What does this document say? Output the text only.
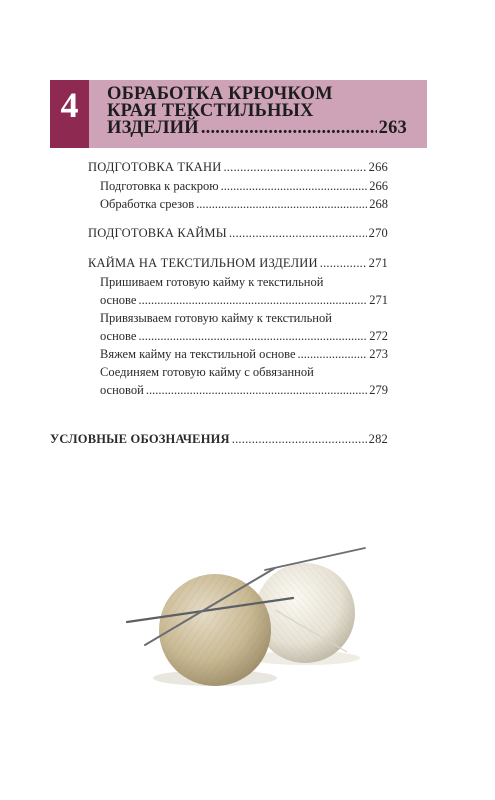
4	ОБРАБОТКА КРЮЧКОМ
КРАЯ ТЕКСТИЛЬНЫХ
ИЗДЕЛИЙ .....	263
ПОДГОТОВКА ТКАНИ .....	266
Подготовка к раскрою .....	266
Обработка срезов .....	268
ПОДГОТОВКА КАЙМЫ .....	270
КАЙМА НА ТЕКСТИЛЬНОМ ИЗДЕЛИИ .....	271
Пришиваем готовую кайму к текстильной
основе .....	271
Привязываем готовую кайму к текстильной
основе .....	272
Вяжем кайму на текстильной основе .....	273
Соединяем готовую кайму с обвязанной
основой .....	279
УСЛОВНЫЕ ОБОЗНАЧЕНИЯ .....	282
